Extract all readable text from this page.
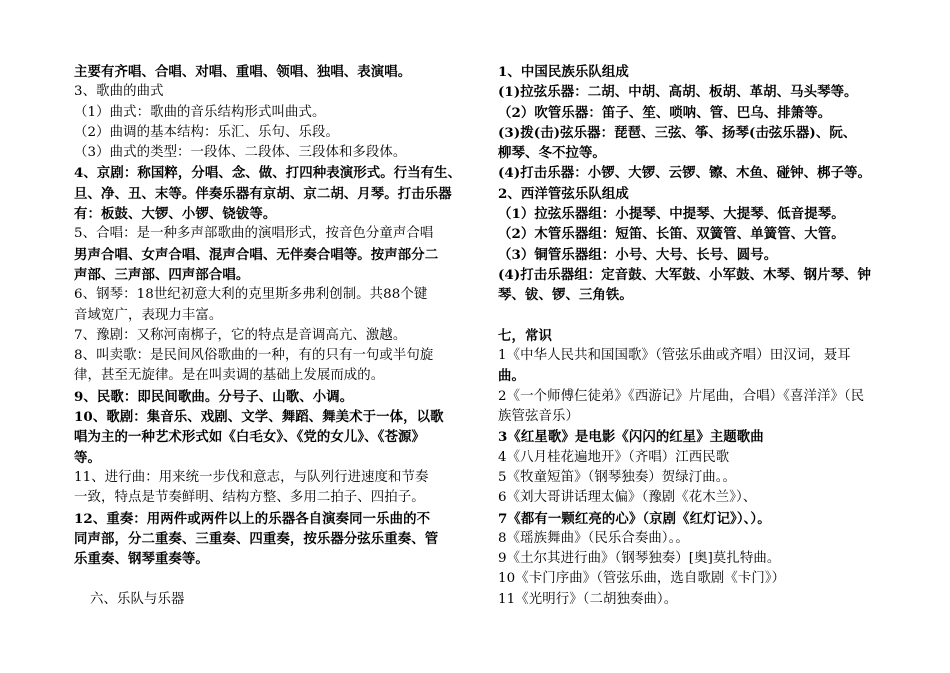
主要有齐唱、合唱、对唱、重唱、领唱、独唱、表演唱。
3、歌曲的曲式
（1）曲式：歌曲的音乐结构形式叫曲式。
（2）曲调的基本结构：乐汇、乐句、乐段。
（3）曲式的类型：一段体、二段体、三段体和多段体。
4、京剧：称国粹，分唱、念、做、打四种表演形式。行当有生、
旦、净、丑、末等。伴奏乐器有京胡、京二胡、月琴。打击乐器
有：板鼓、大锣、小锣、铙钹等。
5、合唱：是一种多声部歌曲的演唱形式，按音色分童声合唱
男声合唱、女声合唱、混声合唱、无伴奏合唱等。按声部分二
声部、三声部、四声部合唱。
6、钢琴：18世纪初意大利的克里斯多弗利创制。共88个键
音域宽广，表现力丰富。
7、豫剧：又称河南梆子，它的特点是音调高亢、激越。
8、叫卖歌：是民间风俗歌曲的一种，有的只有一句或半句旋
律，甚至无旋律。是在叫卖调的基础上发展而成的。
9、民歌：即民间歌曲。分号子、山歌、小调。
10、歌剧：集音乐、戏剧、文学、舞蹈、舞美术于一体，以歌
唱为主的一种艺术形式如《白毛女》、《党的女儿》、《苍源》
等。
11、进行曲：用来统一步伐和意志，与队列行进速度和节奏
一致，特点是节奏鲜明、结构方整、多用二拍子、四拍子。
12、重奏：用两件或两件以上的乐器各自演奏同一乐曲的不
同声部，分二重奏、三重奏、四重奏，按乐器分弦乐重奏、管
乐重奏、钢琴重奏等。
六、乐队与乐器
1、中国民族乐队组成
(1)拉弦乐器：二胡、中胡、高胡、板胡、革胡、马头琴等。
（2）吹管乐器：笛子、笙、唢呐、管、巴乌、排箫等。
(3)拨(击)弦乐器：琵琶、三弦、筝、扬琴(击弦乐器)、阮、
柳琴、冬不拉等。
(4)打击乐器：小锣、大锣、云锣、镲、木鱼、碰钟、梆子等。
2、西洋管弦乐队组成
（1）拉弦乐器组：小提琴、中提琴、大提琴、低音提琴。
（2）木管乐器组：短笛、长笛、双簧管、单簧管、大管。
（3）铜管乐器组：小号、大号、长号、圆号。
(4)打击乐器组：定音鼓、大军鼓、小军鼓、木琴、钢片琴、钟
琴、钹、锣、三角铁。
七，常识
1《中华人民共和国国歌》（管弦乐曲或齐唱）田汉词，聂耳
曲。
2《一个师傅仨徒弟》《西游记》片尾曲，合唱）《喜洋洋》（民
族管弦音乐）
3《红星歌》是电影《闪闪的红星》主题歌曲
4《八月桂花遍地开》（齐唱）江西民歌
5《牧童短笛》（钢琴独奏）贺绿汀曲。。
6《刘大哥讲话理太偏》（豫剧《花木兰》）、
7《都有一颗红亮的心》（京剧《红灯记》）、）。
8《瑶族舞曲》（民乐合奏曲）。。
9《土尔其进行曲》（钢琴独奏）[奥]莫扎特曲。
10《卡门序曲》（管弦乐曲，选自歌剧《卡门》）
11《光明行》（二胡独奏曲）。
